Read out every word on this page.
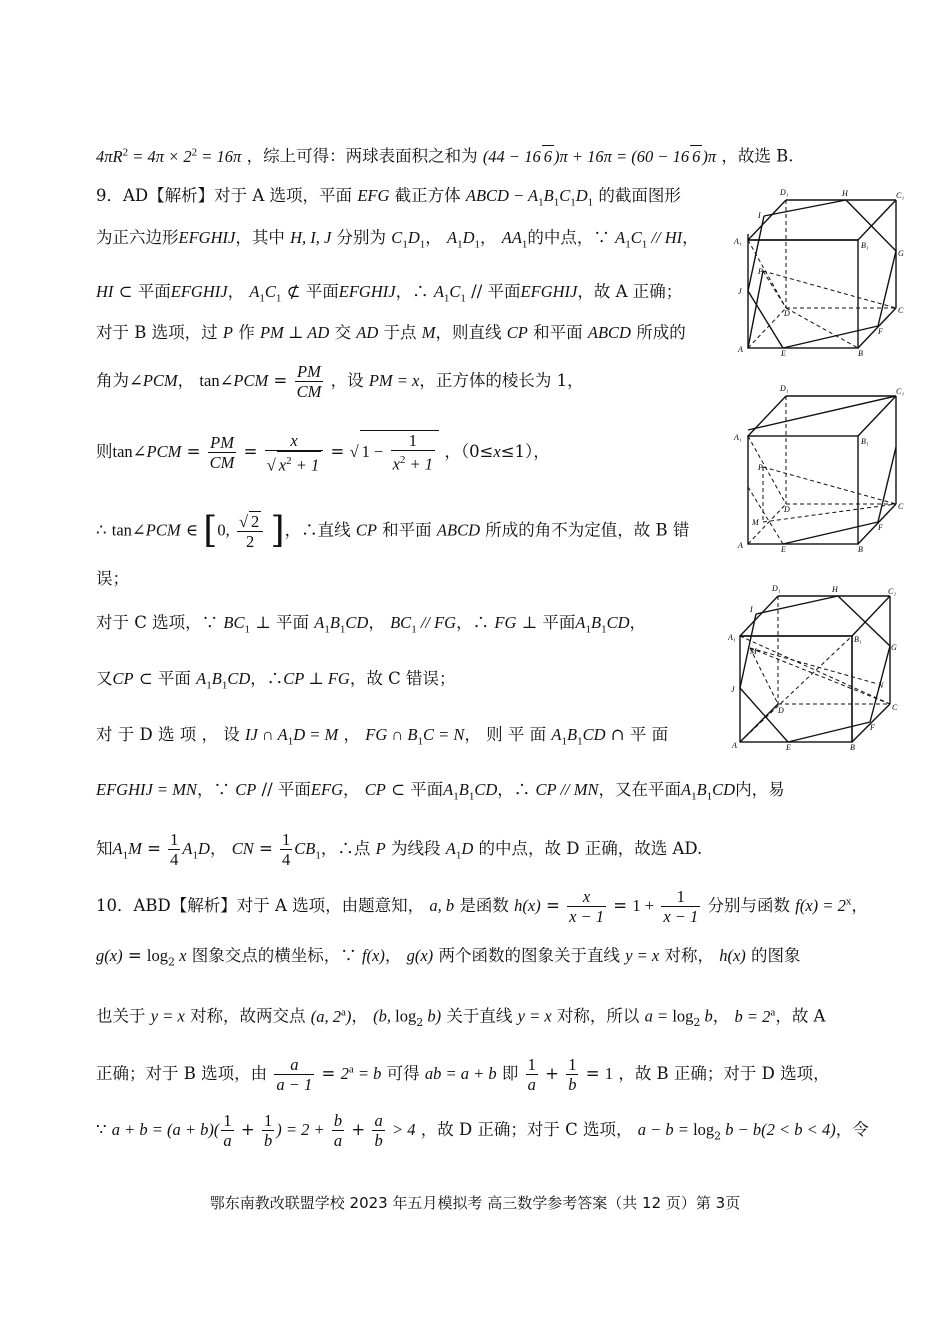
$4\pi R^2 = 4\pi \times 2^2 = 16\pi$ ，综上可得：两球表面积之和为 (44 − 16 6 )π + 16π = (60 − 16 6 )π ，故选 B.
9．AD【解析】对于 A 选项，平面 EFG 截正方体 ABCD − $A_1B_1C_1D_1$ 的截面图形
为正六边形EFGHIJ，其中 H, I, J 分别为 $C_1D_1$， $A_1D_1$， $AA_1$的中点，∵ $A_1C_1$ // HI，
HI ⊂ 平面EFGHIJ， $A_1C_1$ ⊄ 平面EFGHIJ，∴ $A_1C_1$ // 平面EFGHIJ，故 A 正确；
对于 B 选项，过 P 作 PM ⊥ AD 交 AD 于点 M，则直线 CP 和平面 ABCD 所成的
角为∠PCM， tan∠PCM = $\frac{PM}{CM}$ ，设 PM = x，正方体的棱长为 1，
则tan∠PCM = $\frac{PM}{CM} = \frac{x}{√ x^2 + 1}$ = √ $1 - \frac{1}{x^2 + 1}$ ，（0≤x≤1），
∴ tan∠PCM ∈ [0, $\frac{√ 2}{2}$ ]，∴直线 CP 和平面 ABCD 所成的角不为定值，故 B 错
误；
对于 C 选项，∵ $BC_1$ ⊥ 平面 $A_1B_1CD$， $BC_1$ // FG，∴ FG ⊥ 平面$A_1B_1CD$，
又CP ⊂ 平面 $A_1B_1CD$，∴CP ⊥ FG，故 C 错误；
对 于 D 选 项 ， 设 IJ ∩ $A_1D = M$ ， FG ∩ $B_1C = N$， 则 平 面 $A_1B_1CD$ ∩ 平 面
EFGHIJ = MN，∵ CP // 平面EFG， CP ⊂ 平面$A_1B_1CD$，∴ CP // MN，又在平面$A_1B_1CD$内，易
知$A_1M = \frac{1}{4} A_1D$， CN = $\frac{1}{4} CB_1$，∴点 P 为线段 $A_1D$ 的中点，故 D 正确，故选 AD.
10．ABD【解析】对于 A 选项，由题意知， a, b 是函数 $h(x) = \frac{x}{x - 1} = 1 + \frac{1}{x - 1}$ 分别与函数 $f(x) = 2^x$，
$g(x) = \log_2 x$ 图象交点的横坐标，∵ f(x)， g(x) 两个函数的图象关于直线 y = x 对称， h(x) 的图象
也关于 y = x 对称，故两交点 (a, 2$^a$)， (b, $\log_2 b$) 关于直线 y = x 对称，所以 $a = \log_2 b$， $b = 2^a$，故 A
正确；对于 B 选项，由 $\frac{a}{a - 1} = 2^a = b$ 可得 ab = a + b 即 $\frac{1}{a} + \frac{1}{b} = 1$ ，故 B 正确；对于 D 选项，
∵ $a + b = (a + b)( \frac{1}{a} + \frac{1}{b}$ ) = $2 + \frac{b}{a} + \frac{a}{b} > 4$ ，故 D 正确；对于 C 选项， $a - b = \log_2 b - b(2 < b < 4)$，令
D₁	H	C₁
I
A₁	B₁
G
J
P
D	C
F
A	E	B
D₁	C₁
A₁	B₁
P
D	C
M
F
A	E	B
D₁	H	C₁
I
A₁	B₁
M	G
J	N
D	C
F
A	E	B
鄂东南教改联盟学校 2023 年五月模拟考 高三数学参考答案（共 12 页）第 3页
